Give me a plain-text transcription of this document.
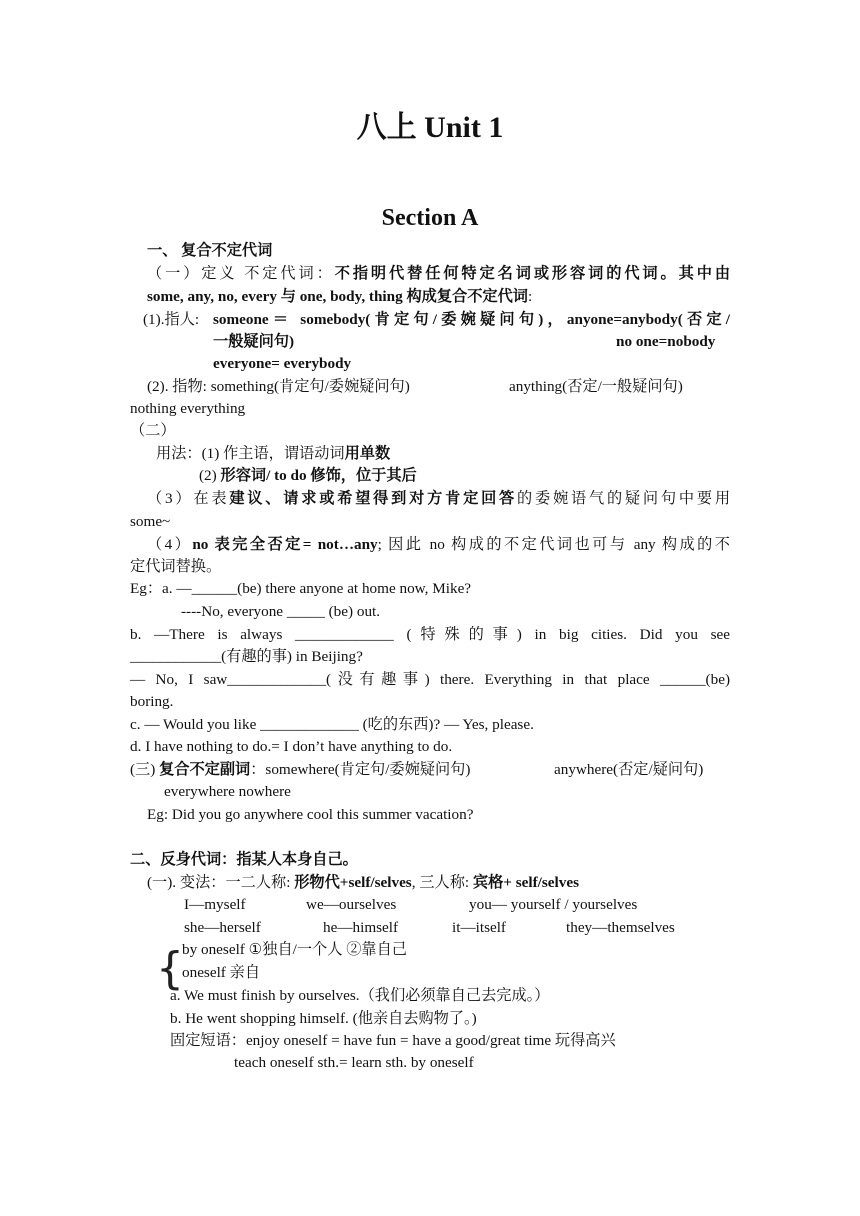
八上 Unit 1
Section A
一、 复合不定代词
（一）定义 不定代词：不指明代替任何特定名词或形容词的代词。其中由
some, any, no, every 与 one, body, thing 构成复合不定代词:
(1).指人: someone＝ somebody(肯定句/委婉疑问句)，anyone=anybody(否定/
一般疑问句)	no one=nobody
everyone= everybody
(2). 指物: something(肯定句/委婉疑问句)	anything(否定/一般疑问句)
nothing everything
（二）
用法：(1) 作主语，谓语动词用单数
(2) 形容词/ to do 修饰，位于其后
（3）在表建议、请求或希望得到对方肯定回答的委婉语气的疑问句中要用
some~
（4）no 表完全否定= not…any; 因此 no 构成的不定代词也可与 any 构成的不
定代词替换。
Eg：a. —______(be) there anyone at home now, Mike?
----No, everyone _____ (be) out.
b. —There is always _____________ (特殊的事) in big cities. Did you see
____________(有趣的事) in Beijing?
— No, I saw_____________(没有趣事) there. Everything in that place ______(be)
boring.
c. — Would you like _____________ (吃的东西)? — Yes, please.
d. I have nothing to do.= I don’t have anything to do.
(三) 复合不定副词：somewhere(肯定句/委婉疑问句)	anywhere(否定/疑问句)
everywhere nowhere
Eg: Did you go anywhere cool this summer vacation?
二、反身代词：指某人本身自己。
(一). 变法：一二人称: 形物代+self/selves, 三人称: 宾格+ self/selves
I—myself	we—ourselves	you— yourself / yourselves
she—herself	he—himself	it—itself	they—themselves
{
by oneself ①独自/一个人 ②靠自己
oneself 亲自
a. We must finish by ourselves.（我们必须靠自己去完成。）
b. He went shopping himself. (他亲自去购物了。)
固定短语：enjoy oneself = have fun = have a good/great time 玩得高兴
teach oneself sth.= learn sth. by oneself
